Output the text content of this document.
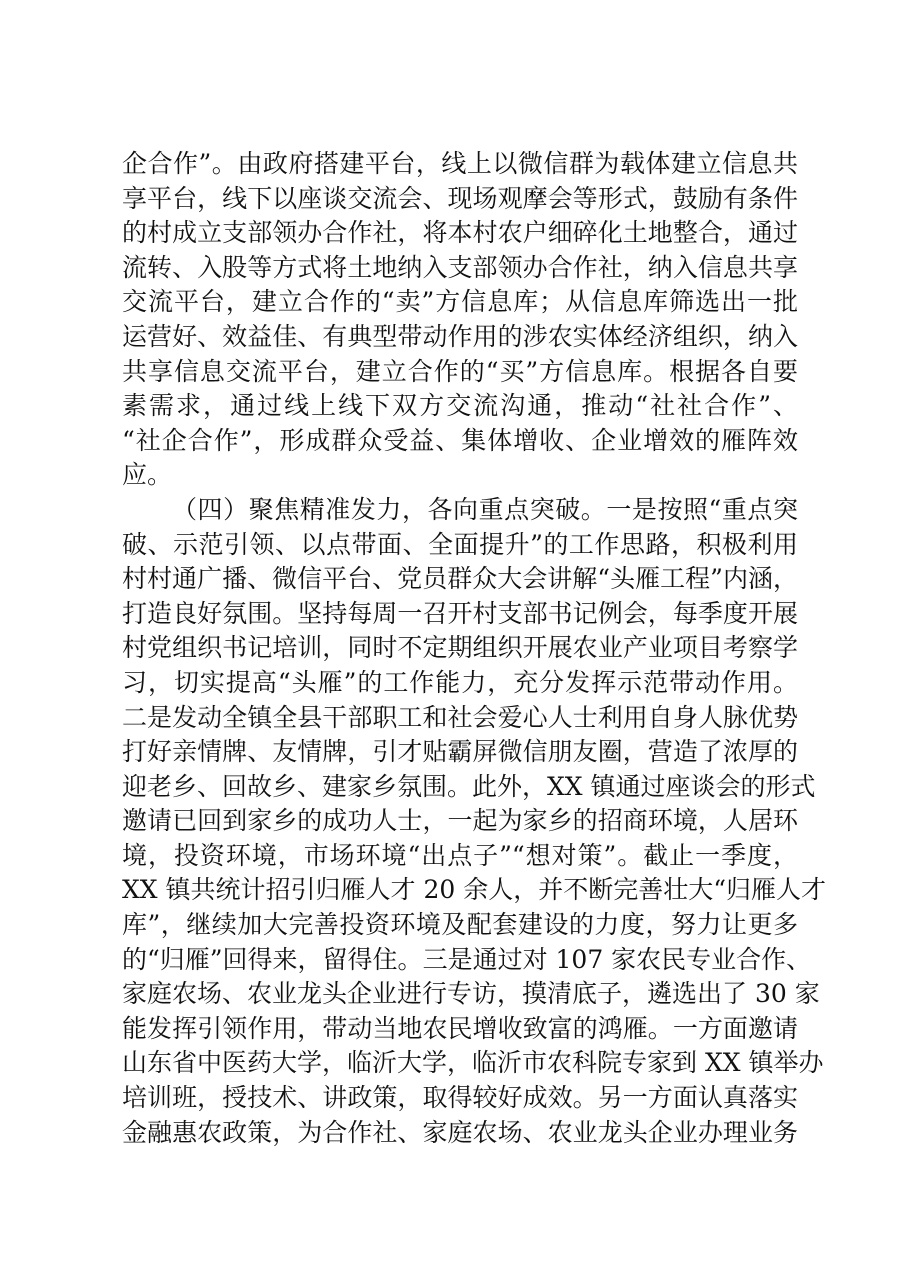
企合作”。由政府搭建平台，线上以微信群为载体建立信息共
享平台，线下以座谈交流会、现场观摩会等形式，鼓励有条件
的村成立支部领办合作社，将本村农户细碎化土地整合，通过
流转、入股等方式将土地纳入支部领办合作社，纳入信息共享
交流平台，建立合作的“卖”方信息库；从信息库筛选出一批
运营好、效益佳、有典型带动作用的涉农实体经济组织，纳入
共享信息交流平台，建立合作的“买”方信息库。根据各自要
素需求，通过线上线下双方交流沟通，推动“社社合作”、
“社企合作”，形成群众受益、集体增收、企业增效的雁阵效
应。
（四）聚焦精准发力，各向重点突破。一是按照“重点突
破、示范引领、以点带面、全面提升”的工作思路，积极利用
村村通广播、微信平台、党员群众大会讲解“头雁工程”内涵，
打造良好氛围。坚持每周一召开村支部书记例会，每季度开展
村党组织书记培训，同时不定期组织开展农业产业项目考察学
习，切实提高“头雁”的工作能力，充分发挥示范带动作用。
二是发动全镇全县干部职工和社会爱心人士利用自身人脉优势
打好亲情牌、友情牌，引才贴霸屏微信朋友圈，营造了浓厚的
迎老乡、回故乡、建家乡氛围。此外，XX 镇通过座谈会的形式
邀请已回到家乡的成功人士，一起为家乡的招商环境，人居环
境，投资环境，市场环境“出点子”“想对策”。截止一季度，
XX 镇共统计招引归雁人才 20 余人，并不断完善壮大“归雁人才
库”，继续加大完善投资环境及配套建设的力度，努力让更多
的“归雁”回得来，留得住。三是通过对 107 家农民专业合作、
家庭农场、农业龙头企业进行专访，摸清底子，遴选出了 30 家
能发挥引领作用，带动当地农民增收致富的鸿雁。一方面邀请
山东省中医药大学，临沂大学，临沂市农科院专家到 XX 镇举办
培训班，授技术、讲政策，取得较好成效。另一方面认真落实
金融惠农政策，为合作社、家庭农场、农业龙头企业办理业务
